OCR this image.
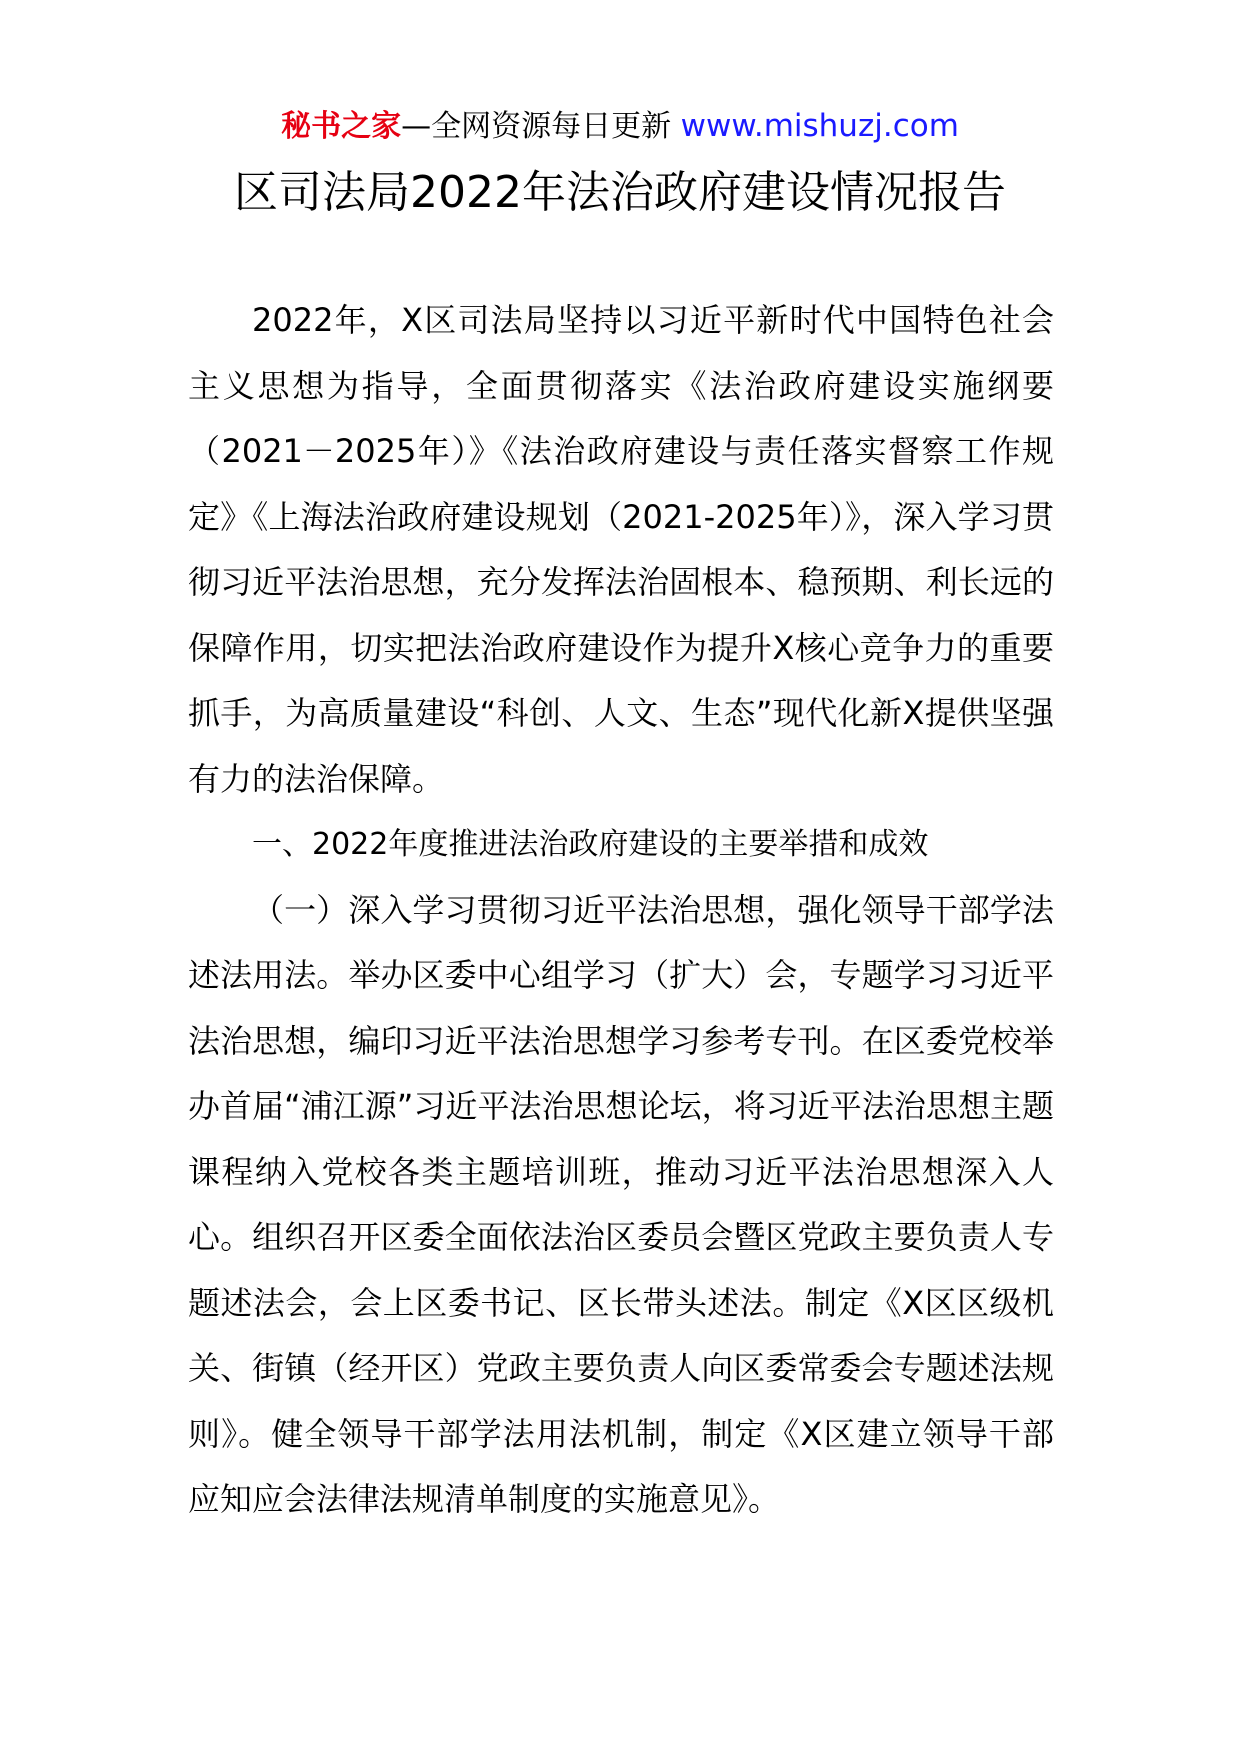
秘书之家—全网资源每日更新 www.mishuzj.com
区司法局2022年法治政府建设情况报告

2022年，X区司法局坚持以习近平新时代中国特色社会主义思想为指导，全面贯彻落实《法治政府建设实施纲要（2021－2025年）》《法治政府建设与责任落实督察工作规定》《上海法治政府建设规划（2021-2025年）》，深入学习贯彻习近平法治思想，充分发挥法治固根本、稳预期、利长远的保障作用，切实把法治政府建设作为提升X核心竞争力的重要抓手，为高质量建设“科创、人文、生态”现代化新X提供坚强有力的法治保障。

一、2022年度推进法治政府建设的主要举措和成效

（一）深入学习贯彻习近平法治思想，强化领导干部学法述法用法。举办区委中心组学习（扩大）会，专题学习习近平法治思想，编印习近平法治思想学习参考专刊。在区委党校举办首届“浦江源”习近平法治思想论坛，将习近平法治思想主题课程纳入党校各类主题培训班，推动习近平法治思想深入人心。组织召开区委全面依法治区委员会暨区党政主要负责人专题述法会，会上区委书记、区长带头述法。制定《X区区级机关、街镇（经开区）党政主要负责人向区委常委会专题述法规则》。健全领导干部学法用法机制，制定《X区建立领导干部应知应会法律法规清单制度的实施意见》。
